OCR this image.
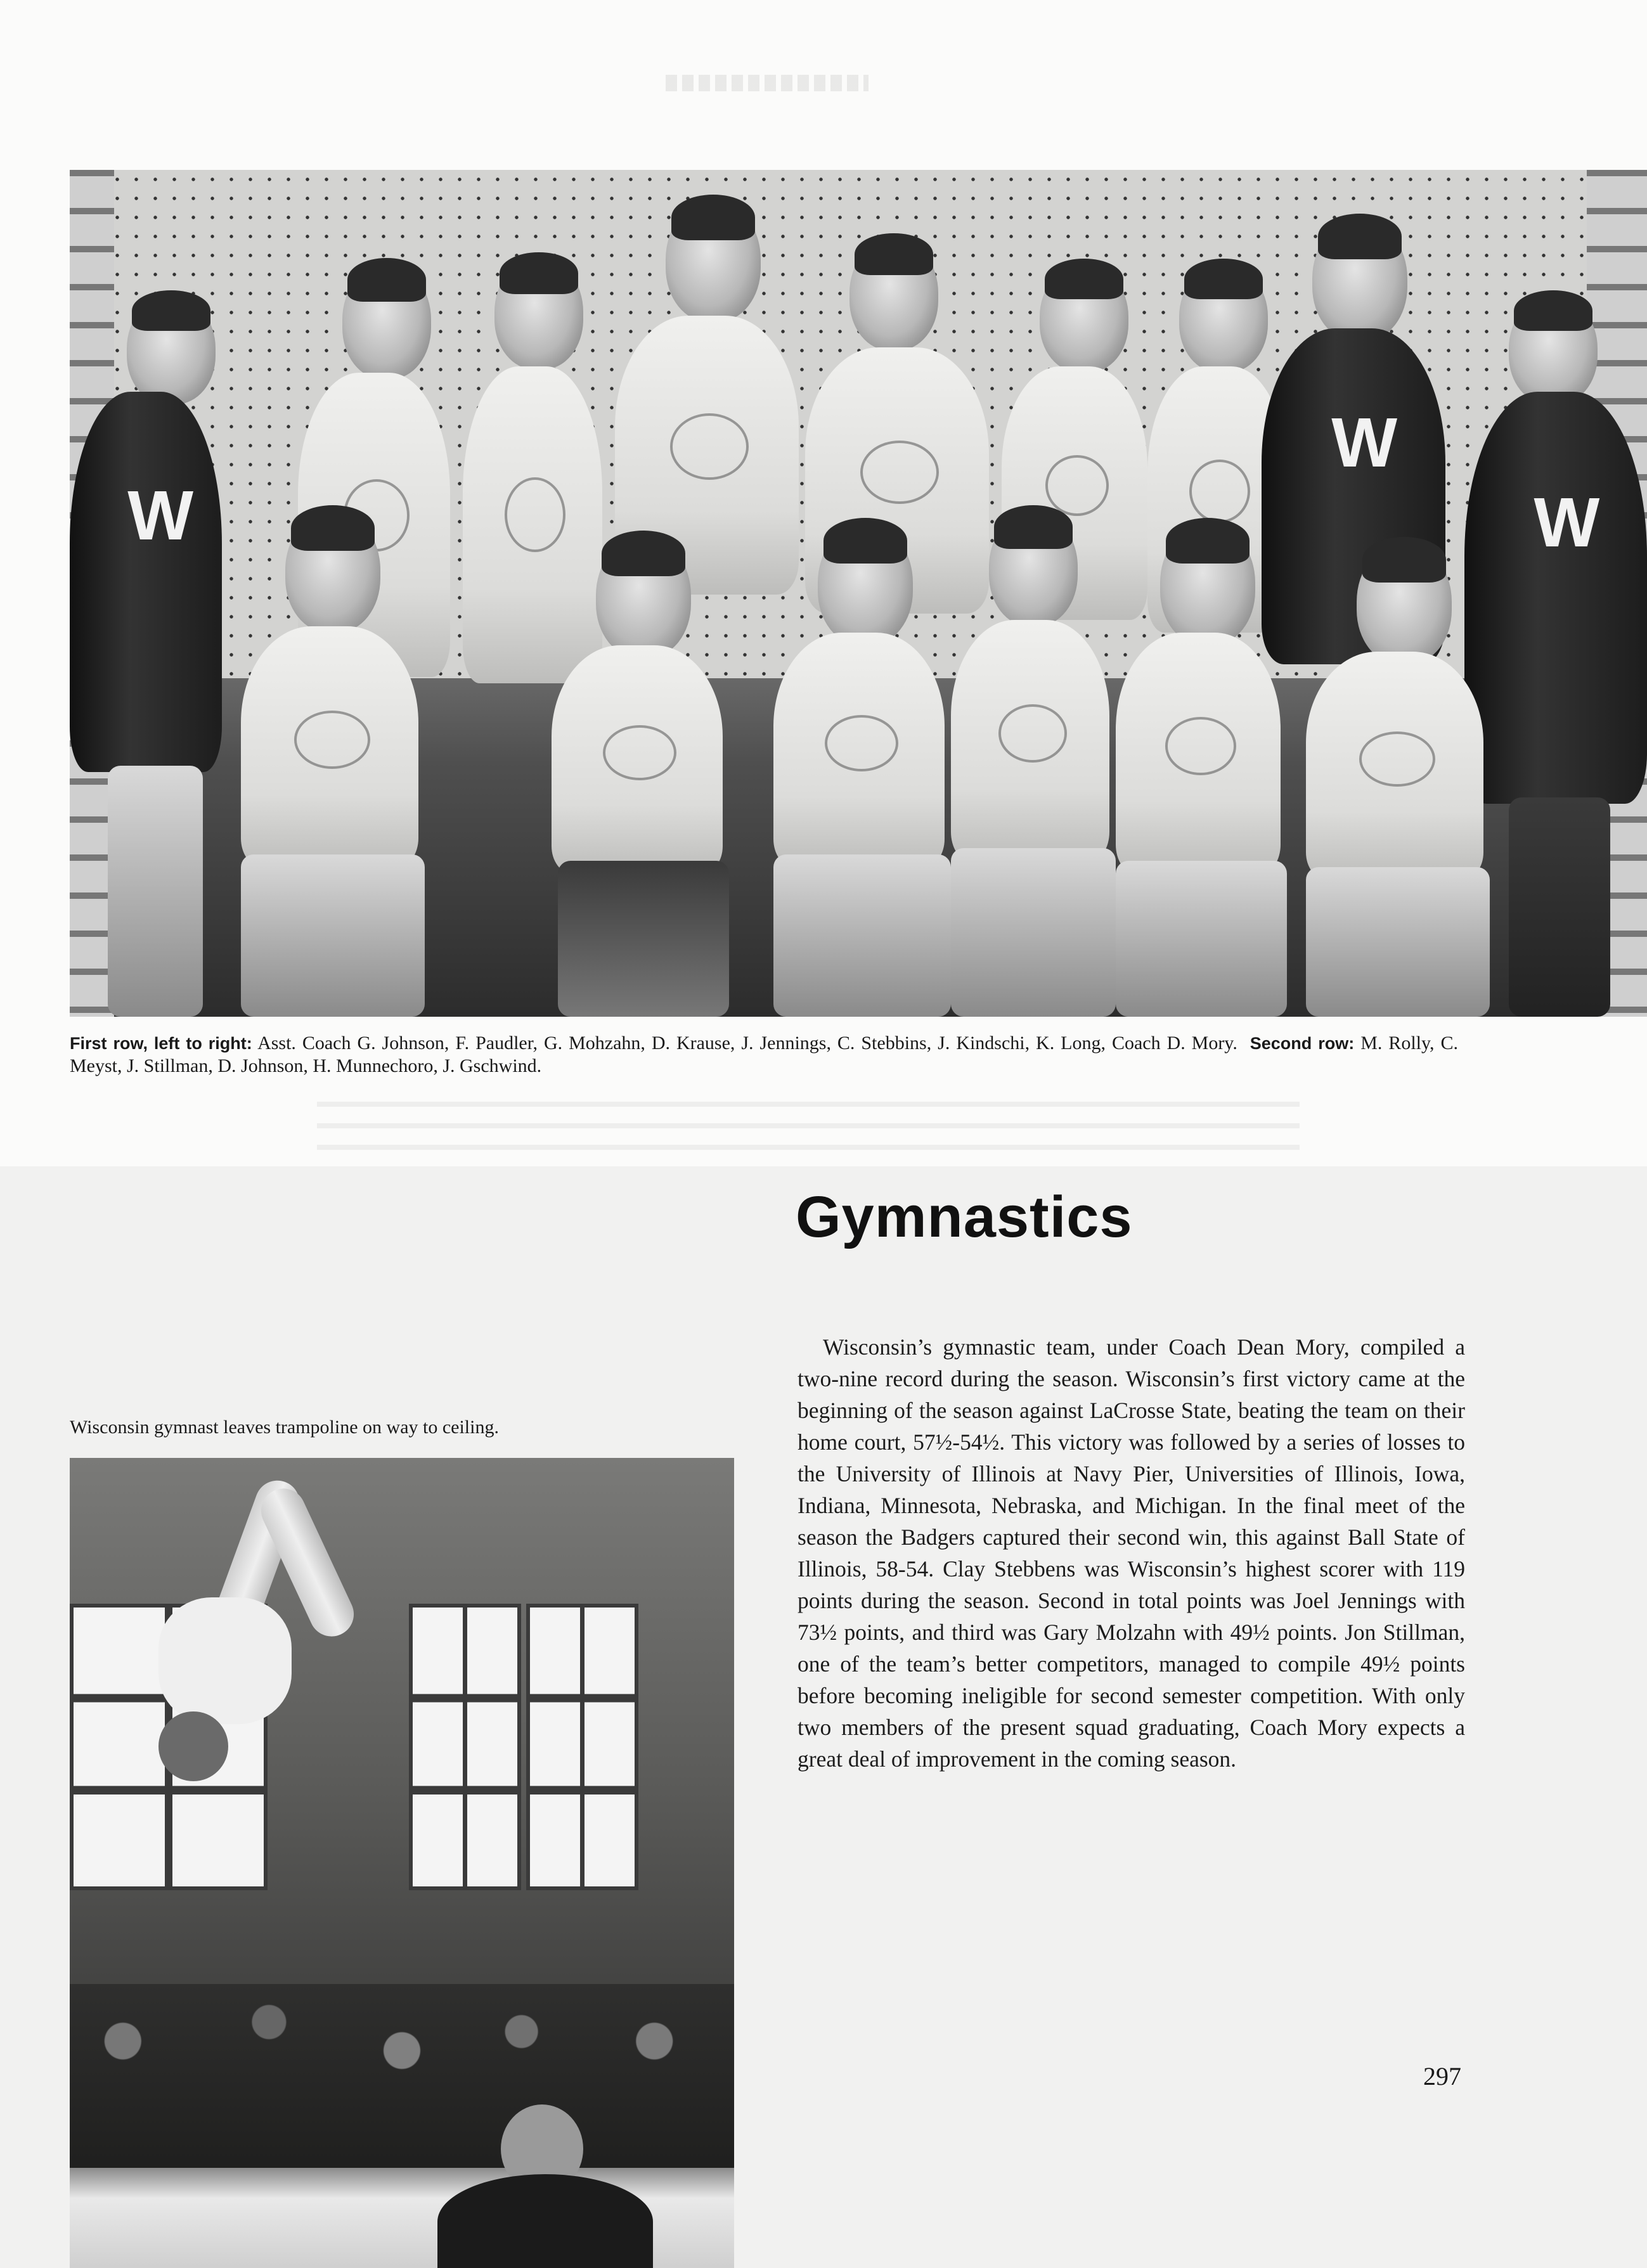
W
W
W
First row, left to right: Asst. Coach G. Johnson, F. Paudler, G. Mohzahn, D. Krause, J. Jennings, C. Stebbins, J. Kindschi, K. Long, Coach D. Mory. Second row: M. Rolly, C. Meyst, J. Stillman, D. Johnson, H. Munnechoro, J. Gschwind.
Gymnastics

Wisconsin’s gymnastic team, under Coach Dean Mory, compiled a two-nine record during the season. Wisconsin’s first victory came at the beginning of the season against LaCrosse State, beating the team on their home court, 57½-54½. This victory was followed by a series of losses to the University of Illinois at Navy Pier, Universities of Illinois, Iowa, Indiana, Minnesota, Nebraska, and Michigan. In the final meet of the season the Badgers captured their second win, this against Ball State of Illinois, 58-54. Clay Stebbens was Wisconsin’s highest scorer with 119 points during the season. Second in total points was Joel Jennings with 73½ points, and third was Gary Molzahn with 49½ points. Jon Stillman, one of the team’s better competitors, managed to compile 49½ points before becoming ineligible for second semester competition. With only two members of the present squad graduating, Coach Mory expects a great deal of improvement in the coming season.

Wisconsin gymnast leaves trampoline on way to ceiling.
297
